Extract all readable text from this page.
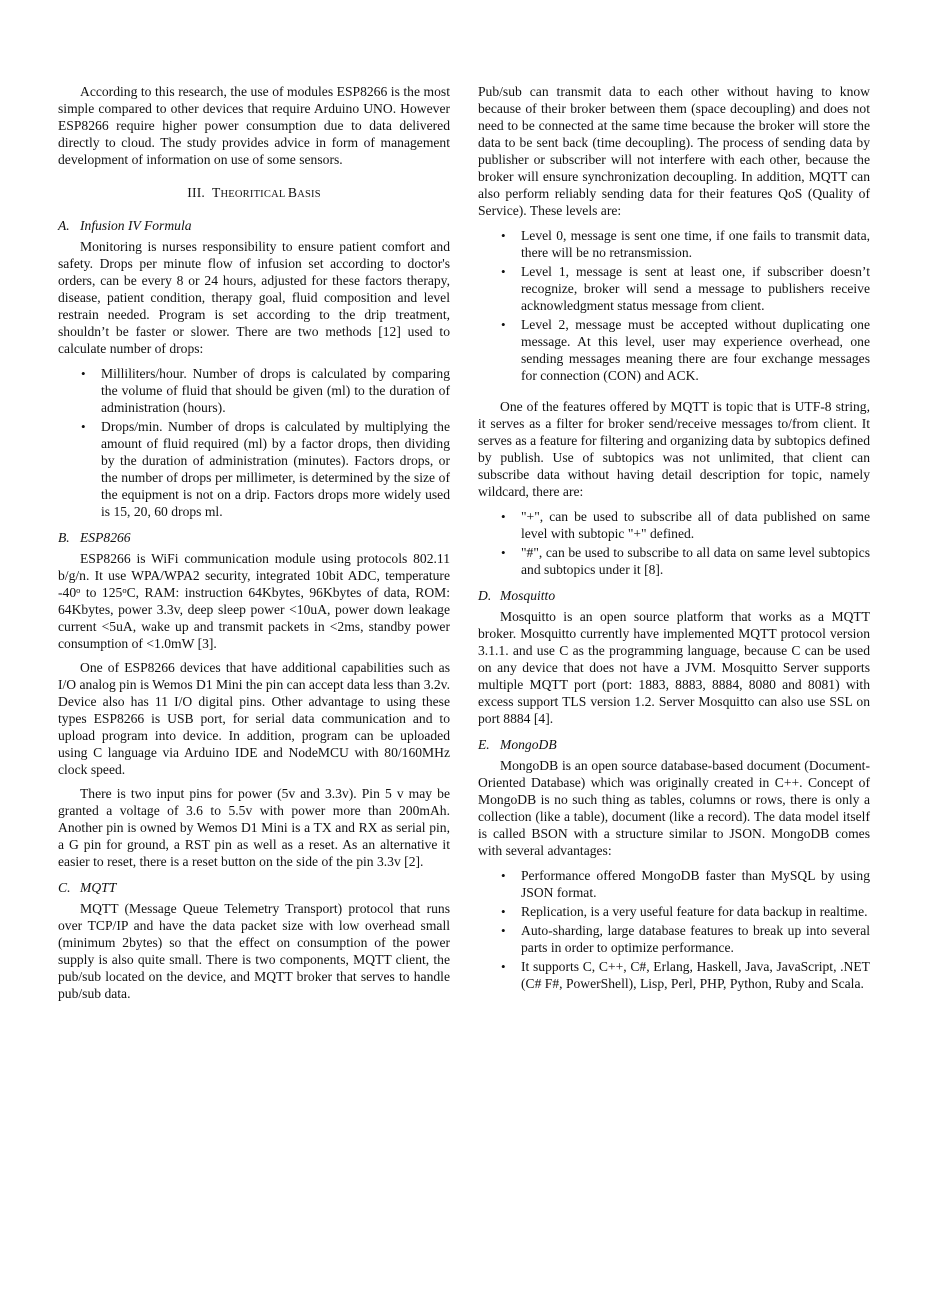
According to this research, the use of modules ESP8266 is the most simple compared to other devices that require Arduino UNO. However ESP8266 require higher power consumption due to data delivered directly to cloud. The study provides advice in form of management development of information on use of some sensors.

III. THEORITICAL BASIS
A. Infusion IV Formula

Monitoring is nurses responsibility to ensure patient comfort and safety. Drops per minute flow of infusion set according to doctor's orders, can be every 8 or 24 hours, adjusted for these factors therapy, disease, patient condition, therapy goal, fluid composition and level restrain needed. Program is set according to the drip treatment, shouldn’t be faster or slower. There are two methods [12] used to calculate number of drops:

• Milliliters/hour. Number of drops is calculated by comparing the volume of fluid that should be given (ml) to the duration of administration (hours).
• Drops/min. Number of drops is calculated by multiplying the amount of fluid required (ml) by a factor drops, then dividing by the duration of administration (minutes). Factors drops, or the number of drops per millimeter, is determined by the size of the equipment is not on a drip. Factors drops more widely used is 15, 20, 60 drops ml.
B. ESP8266

ESP8266 is WiFi communication module using protocols 802.11 b/g/n. It use WPA/WPA2 security, integrated 10bit ADC, temperature -40$^o$ to 125$^o$C, RAM: instruction 64Kbytes, 96Kbytes of data, ROM: 64Kbytes, power 3.3v, deep sleep power <10uA, power down leakage current <5uA, wake up and transmit packets in <2ms, standby power consumption of <1.0mW [3].

One of ESP8266 devices that have additional capabilities such as I/O analog pin is Wemos D1 Mini the pin can accept data less than 3.2v. Device also has 11 I/O digital pins. Other advantage to using these types ESP8266 is USB port, for serial data communication and to upload program into device. In addition, program can be uploaded using C language via Arduino IDE and NodeMCU with 80/160MHz clock speed.

There is two input pins for power (5v and 3.3v). Pin 5 v may be granted a voltage of 3.6 to 5.5v with power more than 200mAh. Another pin is owned by Wemos D1 Mini is a TX and RX as serial pin, a G pin for ground, a RST pin as well as a reset. As an alternative it easier to reset, there is a reset button on the side of the pin 3.3v [2].

C. MQTT

MQTT (Message Queue Telemetry Transport) protocol that runs over TCP/IP and have the data packet size with low overhead small (minimum 2bytes) so that the effect on consumption of the power supply is also quite small. There is two components, MQTT client, the pub/sub located on the device, and MQTT broker that serves to handle pub/sub data.

Pub/sub can transmit data to each other without having to know because of their broker between them (space decoupling) and does not need to be connected at the same time because the broker will store the data to be sent back (time decoupling). The process of sending data by publisher or subscriber will not interfere with each other, because the broker will ensure synchronization decoupling. In addition, MQTT can also perform reliably sending data for their features QoS (Quality of Service). These levels are:

• Level 0, message is sent one time, if one fails to transmit data, there will be no retransmission.
• Level 1, message is sent at least one, if subscriber doesn’t recognize, broker will send a message to publishers receive acknowledgment status message from client.
• Level 2, message must be accepted without duplicating one message. At this level, user may experience overhead, one sending messages meaning there are four exchange messages for connection (CON) and ACK.

One of the features offered by MQTT is topic that is UTF-8 string, it serves as a filter for broker send/receive messages to/from client. It serves as a feature for filtering and organizing data by subtopics defined by publish. Use of subtopics was not unlimited, that client can subscribe data without having detail description for topic, namely wildcard, there are:

• "+", can be used to subscribe all of data published on same level with subtopic "+" defined.
• "#", can be used to subscribe to all data on same level subtopics and subtopics under it [8].
D. Mosquitto

Mosquitto is an open source platform that works as a MQTT broker. Mosquitto currently have implemented MQTT protocol version 3.1.1. and use C as the programming language, because C can be used on any device that does not have a JVM. Mosquitto Server supports multiple MQTT port (port: 1883, 8883, 8884, 8080 and 8081) with excess support TLS version 1.2. Server Mosquitto can also use SSL on port 8884 [4].

E. MongoDB

MongoDB is an open source database-based document (Document-Oriented Database) which was originally created in C++. Concept of MongoDB is no such thing as tables, columns or rows, there is only a collection (like a table), document (like a record). The data model itself is called BSON with a structure similar to JSON. MongoDB comes with several advantages:

• Performance offered MongoDB faster than MySQL by using JSON format.
• Replication, is a very useful feature for data backup in realtime.
• Auto-sharding, large database features to break up into several parts in order to optimize performance.
• It supports C, C++, C#, Erlang, Haskell, Java, JavaScript, .NET (C# F#, PowerShell), Lisp, Perl, PHP, Python, Ruby and Scala.
